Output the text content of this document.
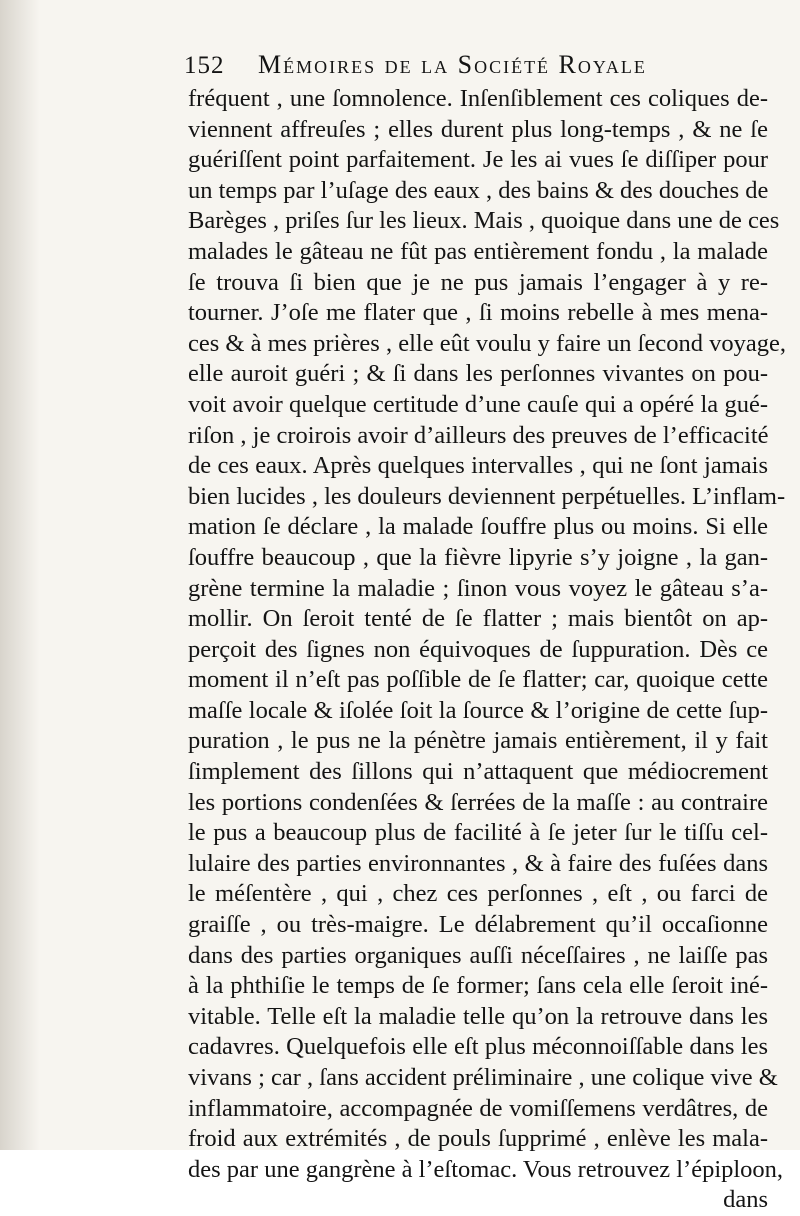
152 Mémoires de la Société Royale
fréquent , une ſomnolence. Inſenſiblement ces coliques de-
viennent affreuſes ; elles durent plus long-temps , & ne ſe
guériſſent point parfaitement. Je les ai vues ſe diſſiper pour
un temps par l’uſage des eaux , des bains & des douches de
Barèges , priſes ſur les lieux. Mais , quoique dans une de ces
malades le gâteau ne fût pas entièrement fondu , la malade
ſe trouva ſi bien que je ne pus jamais l’engager à y re-
tourner. J’oſe me flater que , ſi moins rebelle à mes mena-
ces & à mes prières , elle eût voulu y faire un ſecond voyage,
elle auroit guéri ; & ſi dans les perſonnes vivantes on pou-
voit avoir quelque certitude d’une cauſe qui a opéré la gué-
riſon , je croirois avoir d’ailleurs des preuves de l’efficacité
de ces eaux. Après quelques intervalles , qui ne ſont jamais
bien lucides , les douleurs deviennent perpétuelles. L’inflam-
mation ſe déclare , la malade ſouffre plus ou moins. Si elle
ſouffre beaucoup , que la fièvre lipyrie s’y joigne , la gan-
grène termine la maladie ; ſinon vous voyez le gâteau s’a-
mollir. On ſeroit tenté de ſe flatter ; mais bientôt on ap-
perçoit des ſignes non équivoques de ſuppuration. Dès ce
moment il n’eſt pas poſſible de ſe flatter; car, quoique cette
maſſe locale & iſolée ſoit la ſource & l’origine de cette ſup-
puration , le pus ne la pénètre jamais entièrement, il y fait
ſimplement des ſillons qui n’attaquent que médiocrement
les portions condenſées & ſerrées de la maſſe : au contraire
le pus a beaucoup plus de facilité à ſe jeter ſur le tiſſu cel-
lulaire des parties environnantes , & à faire des fuſées dans
le méſentère , qui , chez ces perſonnes , eſt , ou farci de
graiſſe , ou très-maigre. Le délabrement qu’il occaſionne
dans des parties organiques auſſi néceſſaires , ne laiſſe pas
à la phthiſie le temps de ſe former; ſans cela elle ſeroit iné-
vitable. Telle eſt la maladie telle qu’on la retrouve dans les
cadavres. Quelquefois elle eſt plus méconnoiſſable dans les
vivans ; car , ſans accident préliminaire , une colique vive &
inflammatoire, accompagnée de vomiſſemens verdâtres, de
froid aux extrémités , de pouls ſupprimé , enlève les mala-
des par une gangrène à l’eſtomac. Vous retrouvez l’épiploon,
dans
